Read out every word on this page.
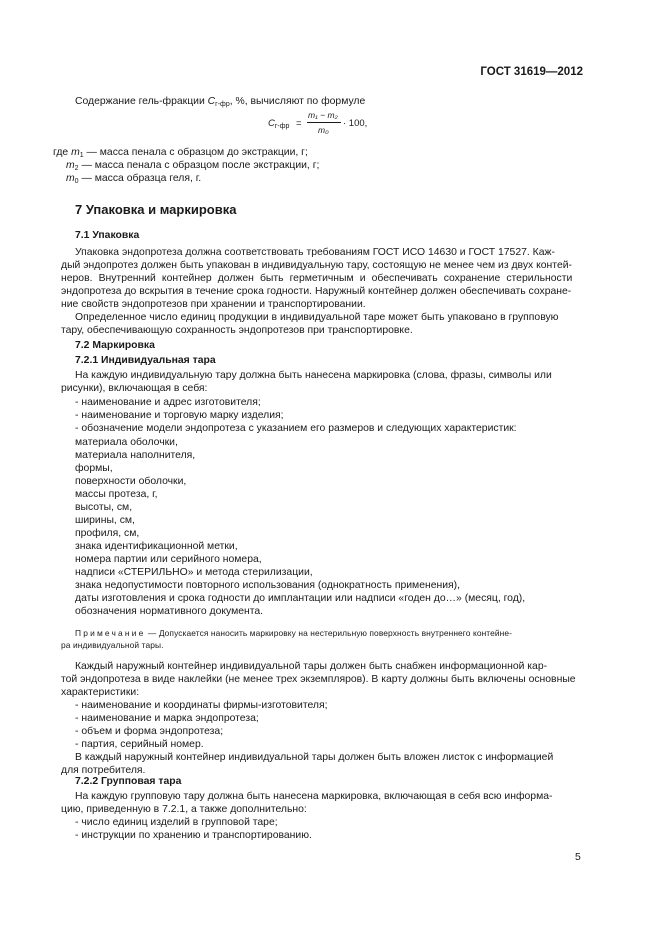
ГОСТ 31619—2012
Содержание гель-фракции $C_{г-фр}$, %, вычисляют по формуле
$C_{г-фр}$ =
m₁ − m₂
m₀
· 100,
где $m_1$ — масса пенала с образцом до экстракции, г;
$m_2$ — масса пенала с образцом после экстракции, г;
$m_0$ — масса образца геля, г.
7 Упаковка и маркировка
7.1 Упаковка
Упаковка эндопротеза должна соответствовать требованиям ГОСТ ИСО 14630 и ГОСТ 17527. Каж-
дый эндопротез должен быть упакован в индивидуальную тару, состоящую не менее чем из двух контей-
неров. Внутренний контейнер должен быть герметичным и обеспечивать сохранение стерильности
эндопротеза до вскрытия в течение срока годности. Наружный контейнер должен обеспечивать сохране-
ние свойств эндопротезов при хранении и транспортировании.
Определенное число единиц продукции в индивидуальной таре может быть упаковано в групповую
тару, обеспечивающую сохранность эндопротезов при транспортировке.
7.2 Маркировка
7.2.1 Индивидуальная тара
На каждую индивидуальную тару должна быть нанесена маркировка (слова, фразы, символы или
рисунки), включающая в себя:
- наименование и адрес изготовителя;
- наименование и торговую марку изделия;
- обозначение модели эндопротеза с указанием его размеров и следующих характеристик:
материала оболочки,
материала наполнителя,
формы,
поверхности оболочки,
массы протеза, г,
высоты, см,
ширины, см,
профиля, см,
знака идентификационной метки,
номера партии или серийного номера,
надписи «СТЕРИЛЬНО» и метода стерилизации,
знака недопустимости повторного использования (однократность применения),
даты изготовления и срока годности до имплантации или надписи «годен до…» (месяц, год),
обозначения нормативного документа.
Примечание — Допускается наносить маркировку на нестерильную поверхность внутреннего контейне-
ра индивидуальной тары.
Каждый наружный контейнер индивидуальной тары должен быть снабжен информационной кар-
той эндопротеза в виде наклейки (не менее трех экземпляров). В карту должны быть включены основные
характеристики:
- наименование и координаты фирмы-изготовителя;
- наименование и марка эндопротеза;
- объем и форма эндопротеза;
- партия, серийный номер.
В каждый наружный контейнер индивидуальной тары должен быть вложен листок с информацией
для потребителя.
7.2.2 Групповая тара
На каждую групповую тару должна быть нанесена маркировка, включающая в себя всю информа-
цию, приведенную в 7.2.1, а также дополнительно:
- число единиц изделий в групповой таре;
- инструкции по хранению и транспортированию.
5
